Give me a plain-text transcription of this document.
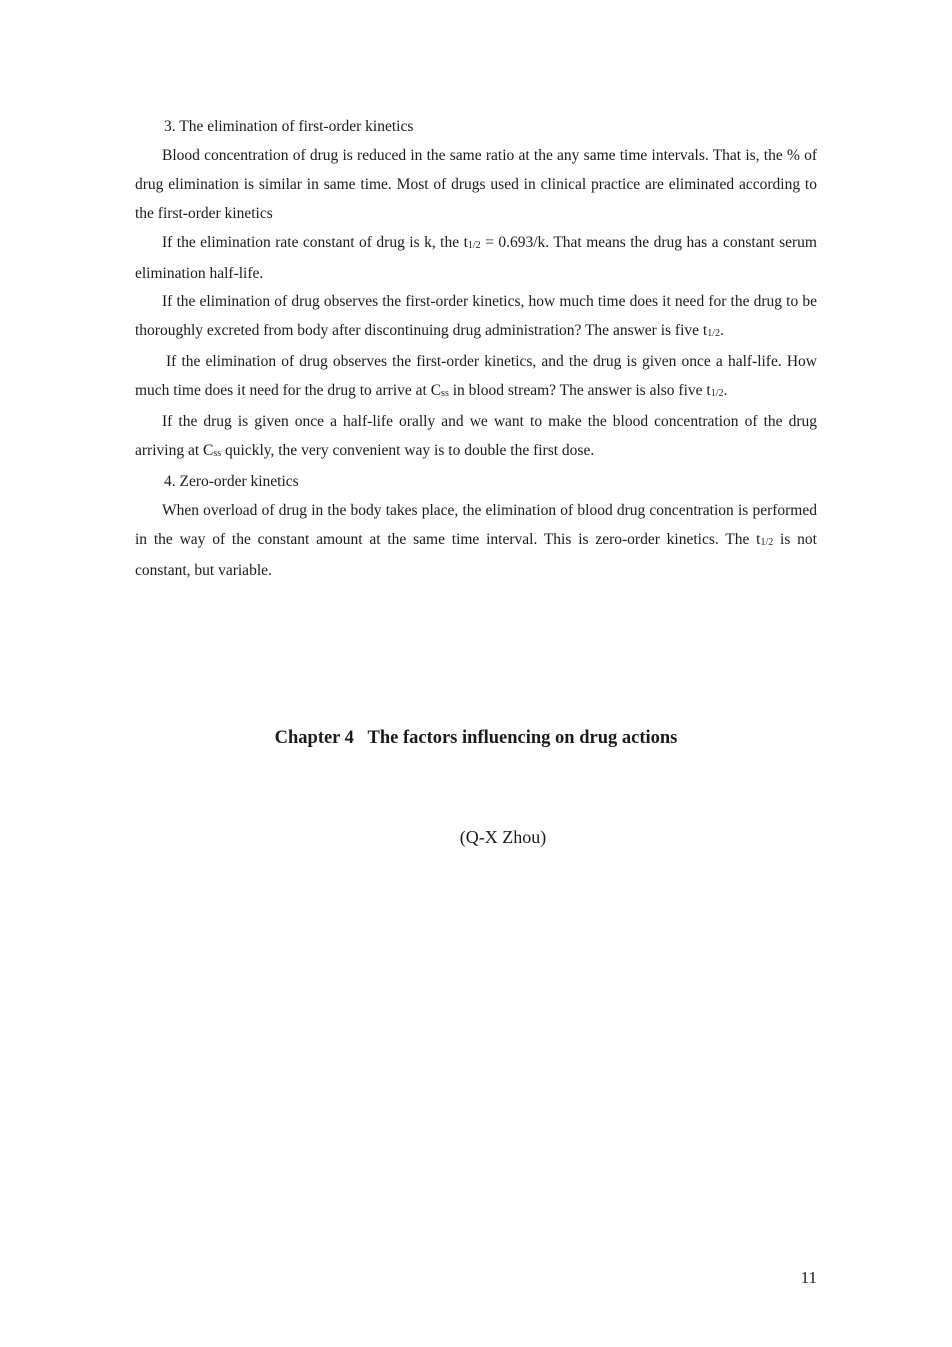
3. The elimination of first-order kinetics

Blood concentration of drug is reduced in the same ratio at the any same time intervals. That is, the % of drug elimination is similar in same time. Most of drugs used in clinical practice are eliminated according to the first-order kinetics

If the elimination rate constant of drug is k, the $t_{1/2} = 0.693/k$. That means the drug has a constant serum elimination half-life.

If the elimination of drug observes the first-order kinetics, how much time does it need for the drug to be thoroughly excreted from body after discontinuing drug administration? The answer is five $t_{1/2}$.

If the elimination of drug observes the first-order kinetics, and the drug is given once a half-life. How much time does it need for the drug to arrive at $C_{ss}$ in blood stream? The answer is also five $t_{1/2}$.

If the drug is given once a half-life orally and we want to make the blood concentration of the drug arriving at $C_{ss}$ quickly, the very convenient way is to double the first dose.

4. Zero-order kinetics

When overload of drug in the body takes place, the elimination of blood drug concentration is performed in the way of the constant amount at the same time interval. This is zero-order kinetics. The $t_{1/2}$ is not constant, but variable.

Chapter 4   The factors influencing on drug actions
(Q-X Zhou)
11
